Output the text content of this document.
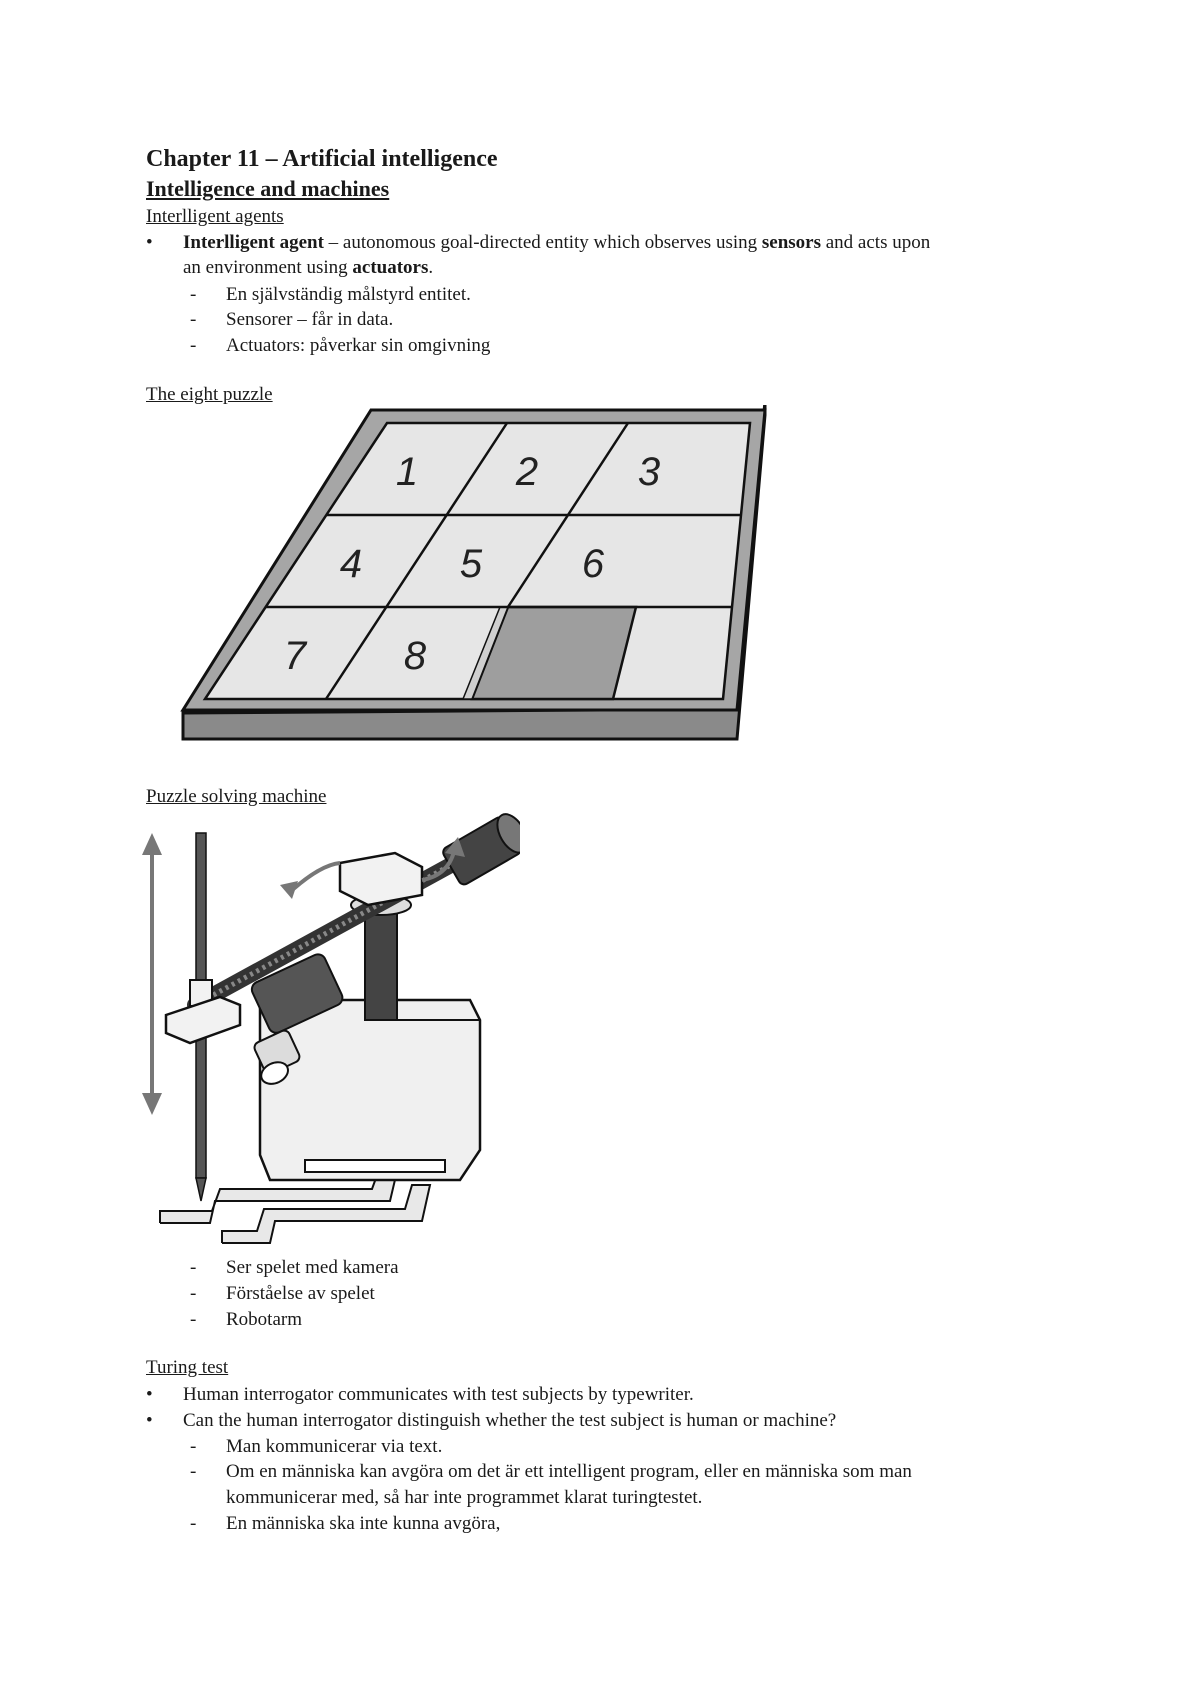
Chapter 11 – Artificial intelligence
Intelligence and machines
Interlligent agents
•	Interlligent agent – autonomous goal-directed entity which observes using sensors and acts upon
an environment using actuators.
-	En självständig målstyrd entitet.
-	Sensorer – får in data.
-	Actuators: påverkar sin omgivning
The eight puzzle
1 2 3
4 5 6
7 8
Puzzle solving machine
-	Ser spelet med kamera
-	Förståelse av spelet
-	Robotarm
Turing test
•	Human interrogator communicates with test subjects by typewriter.
•	Can the human interrogator distinguish whether the test subject is human or machine?
-	Man kommunicerar via text.
-	Om en människa kan avgöra om det är ett intelligent program, eller en människa som man
kommunicerar med, så har inte programmet klarat turingtestet.
-	En människa ska inte kunna avgöra,
